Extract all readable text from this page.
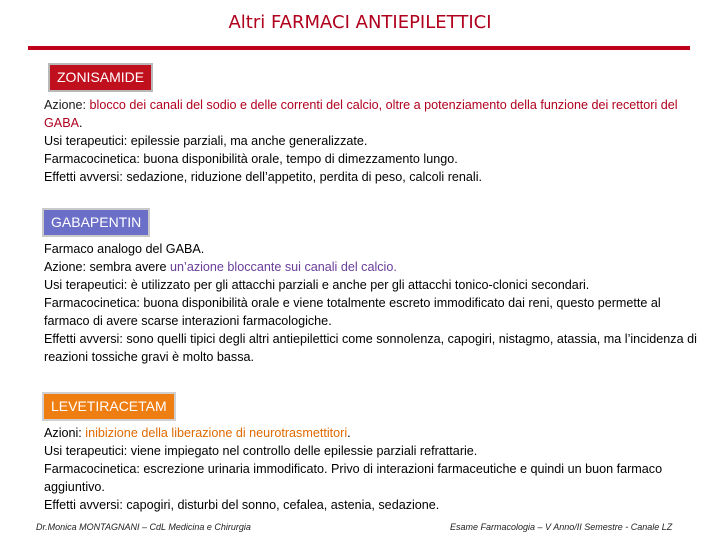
Altri FARMACI ANTIEPILETTICI
ZONISAMIDE

Azione: blocco dei canali del sodio e delle correnti del calcio, oltre a potenziamento della funzione dei recettori del GABA.

Usi terapeutici: epilessie parziali, ma anche generalizzate.

Farmacocinetica: buona disponibilità orale, tempo di dimezzamento lungo.

Effetti avversi: sedazione, riduzione dell’appetito, perdita di peso, calcoli renali.

GABAPENTIN

Farmaco analogo del GABA.

Azione: sembra avere un’azione bloccante sui canali del calcio.

Usi terapeutici: è utilizzato per gli attacchi parziali e anche per gli attacchi tonico-clonici secondari.

Farmacocinetica: buona disponibilità orale e viene totalmente escreto immodificato dai reni, questo permette al farmaco di avere scarse interazioni farmacologiche.

Effetti avversi: sono quelli tipici degli altri antiepilettici come sonnolenza, capogiri, nistagmo, atassia, ma l’incidenza di reazioni tossiche gravi è molto bassa.

LEVETIRACETAM

Azioni: inibizione della liberazione di neurotrasmettitori.

Usi terapeutici: viene impiegato nel controllo delle epilessie parziali refrattarie.

Farmacocinetica: escrezione urinaria immodificato. Privo di interazioni farmaceutiche e quindi un buon farmaco aggiuntivo.

Effetti avversi: capogiri, disturbi del sonno, cefalea, astenia, sedazione.

Dr.Monica MONTAGNANI – CdL Medicina e Chirurgia	Esame Farmacologia – V Anno/II Semestre - Canale LZ
